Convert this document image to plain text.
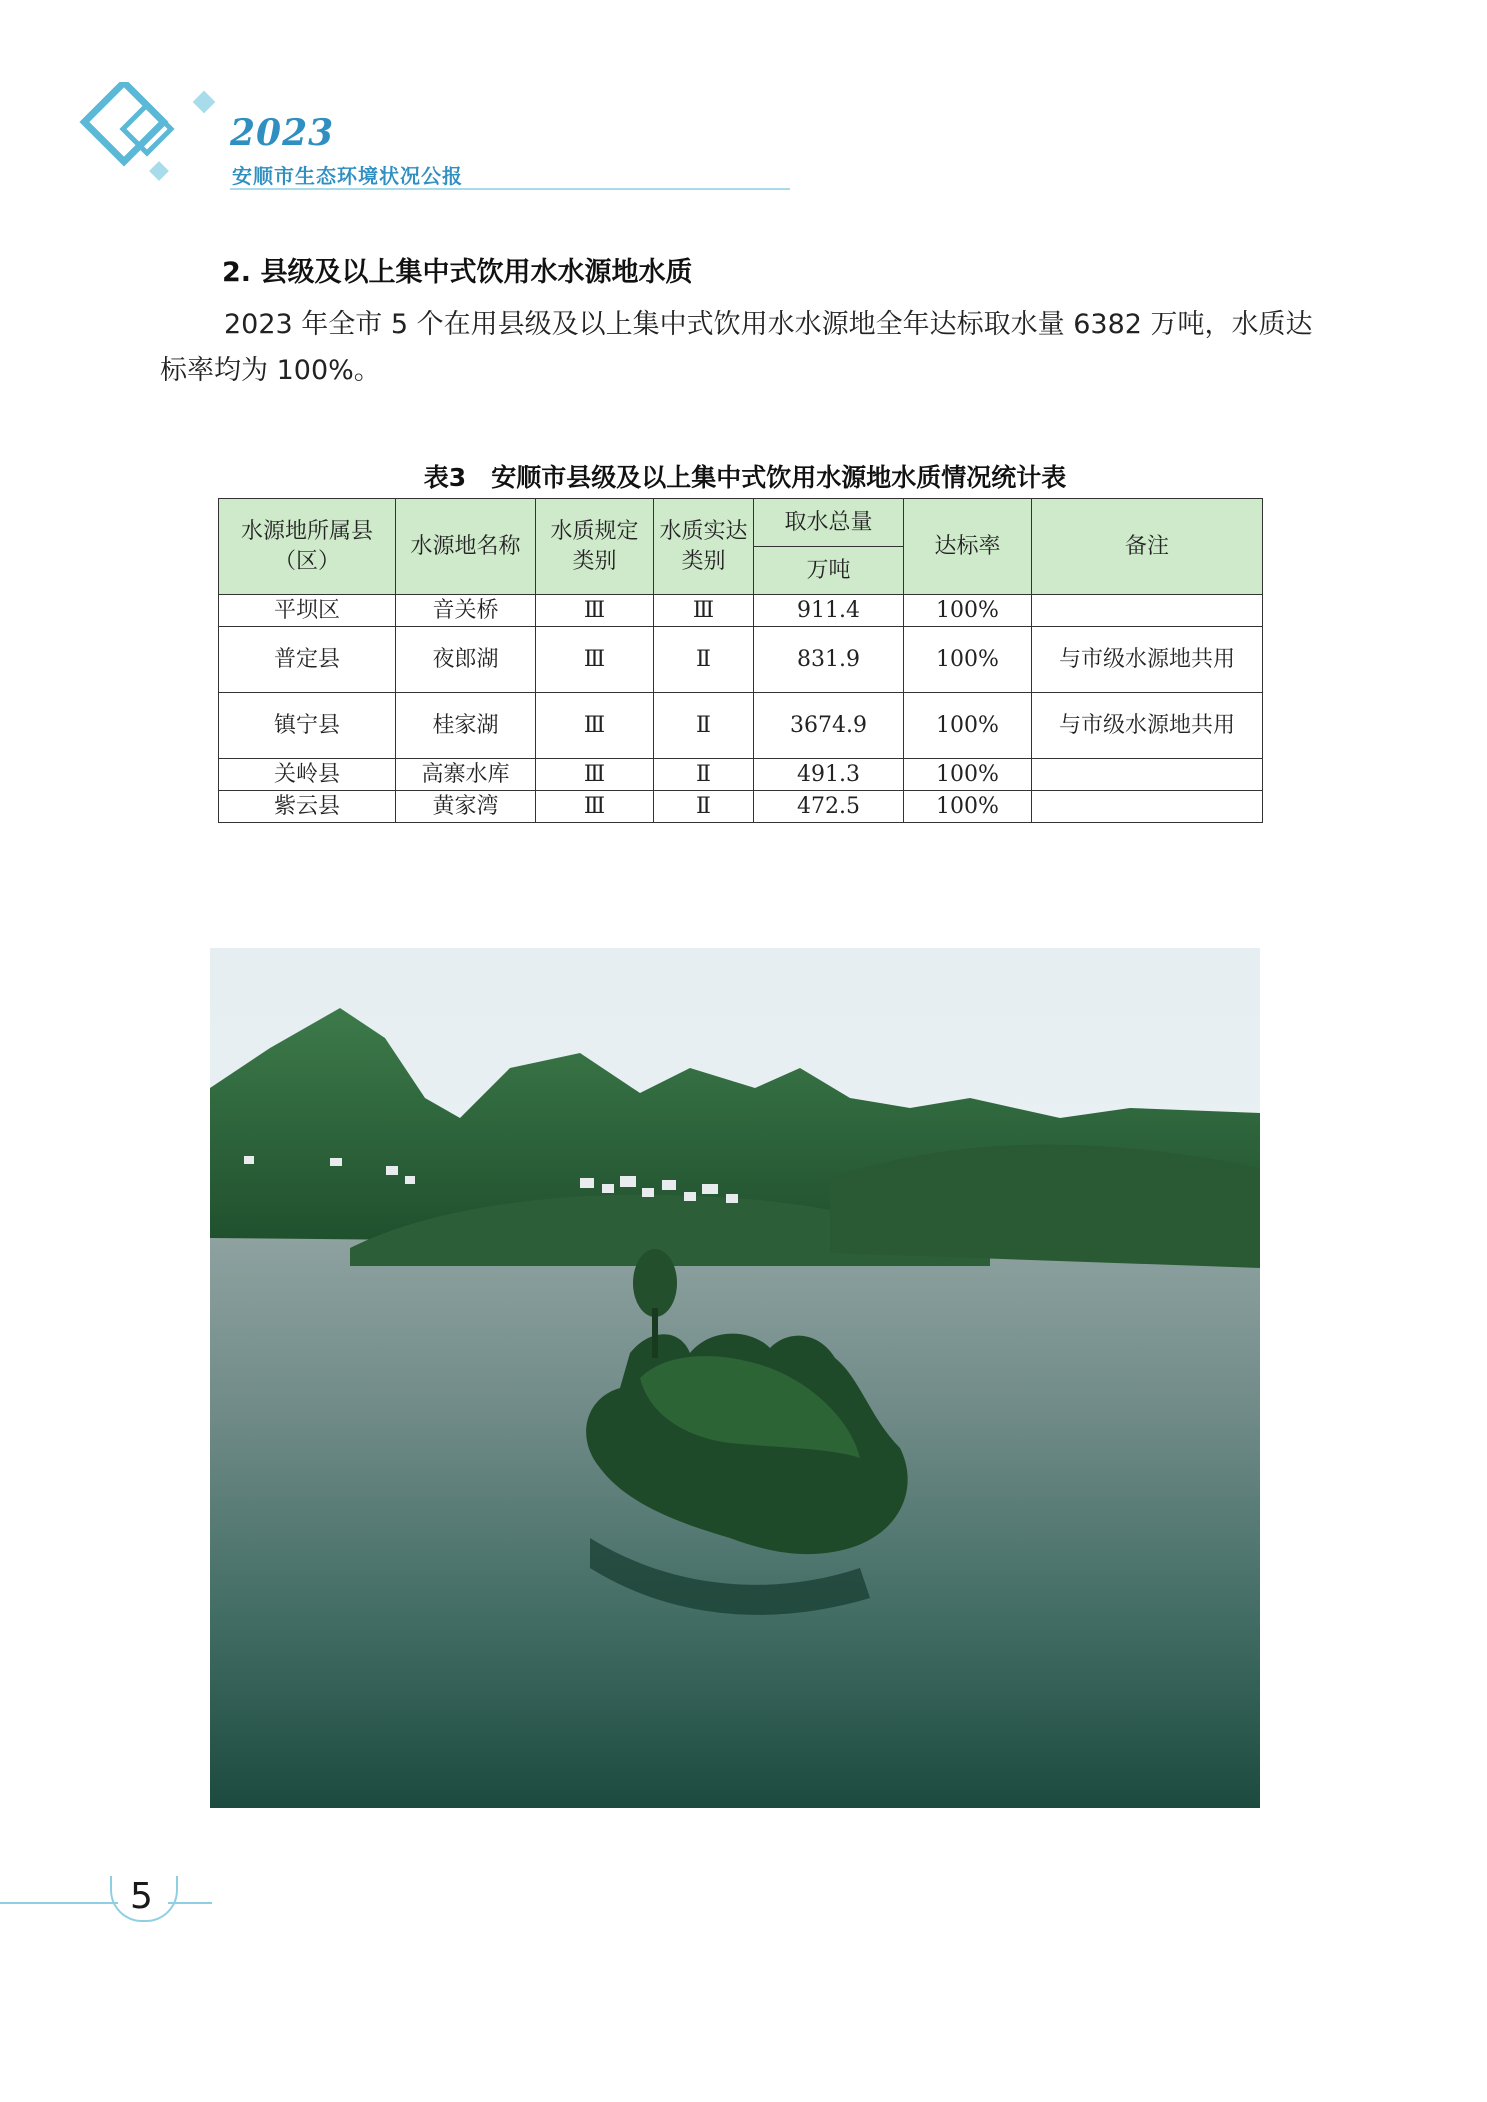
2023
安顺市生态环境状况公报
2. 县级及以上集中式饮用水水源地水质

2023 年全市 5 个在用县级及以上集中式饮用水水源地全年达标取水量 6382 万吨，水质达标率均为 100%。

表3　安顺市县级及以上集中式饮用水源地水质情况统计表
水源地所属县（区）	水源地名称	水质规定类别	水质实达类别	取水总量	达标率	备注
				万吨		
平坝区	音关桥	Ⅲ	Ⅲ	911.4	100%	
普定县	夜郎湖	Ⅲ	Ⅱ	831.9	100%	与市级水源地共用
镇宁县	桂家湖	Ⅲ	Ⅱ	3674.9	100%	与市级水源地共用
关岭县	高寨水库	Ⅲ	Ⅱ	491.3	100%	
紫云县	黄家湾	Ⅲ	Ⅱ	472.5	100%	
5
